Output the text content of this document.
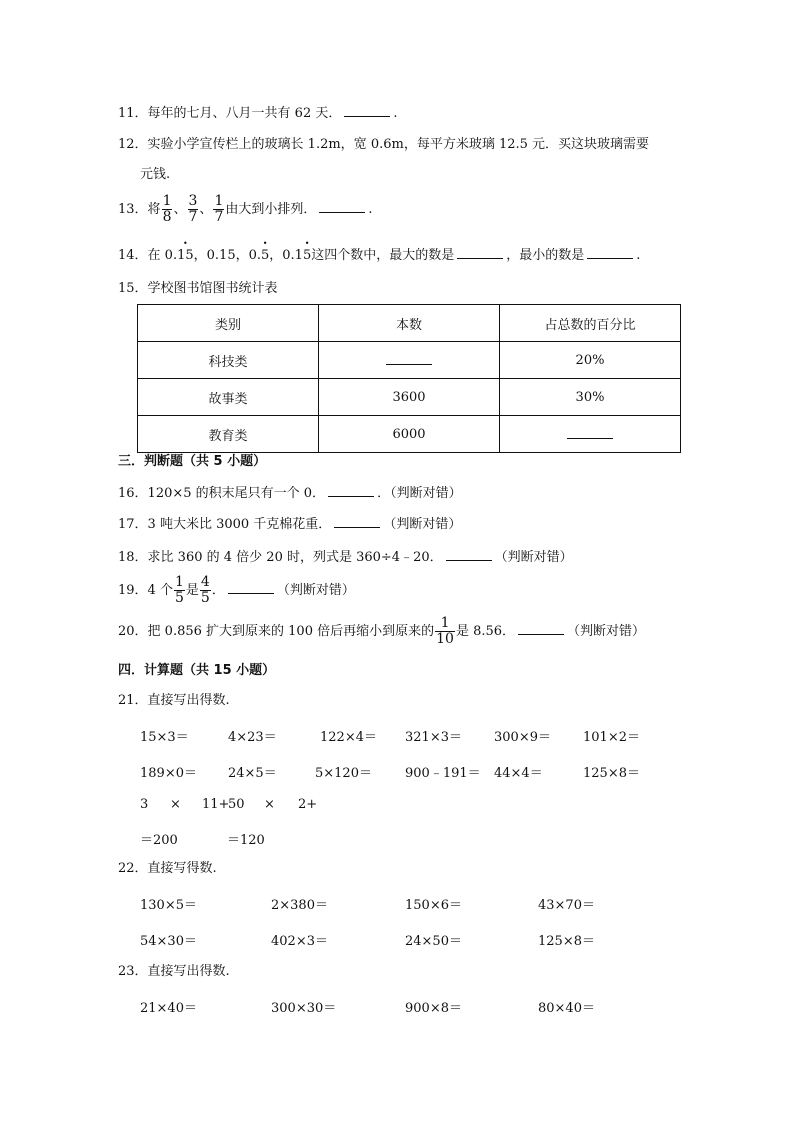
11．每年的七月、八月一共有 62 天．	.
12．实验小学宣传栏上的玻璃长 1.2m，宽 0.6m，每平方米玻璃 12.5 元．买这块玻璃需要
元钱.
13．将 $\frac{1}{8}$ 、 $\frac{3}{7}$ 、 $\frac{1}{7}$ 由大到小排列．	.
14．在 0.• 15，0.15，0.• 5，0.1• 5这四个数中，最大的数是	，最小的数是	.
15．学校图书馆图书统计表
类别	本数	占总数的百分比
科技类		20%
故事类	3600	30%
教育类	6000	
三．判断题（共 5 小题）
16．120×5 的积末尾只有一个 0．	．（判断对错）
17．3 吨大米比 3000 千克棉花重．	（判断对错）
18．求比 360 的 4 倍少 20 时，列式是 360÷4﹣20．	（判断对错）
19．4 个 $\frac{1}{5}$ 是 $\frac{4}{5}$ ．	（判断对错）
20．把 0.856 扩大到原来的 100 倍后再缩小到原来的 $\frac{1}{10}$ 是 8.56．	（判断对错）
四．计算题（共 15 小题）
21．直接写出得数.
15×3＝	4×23＝	122×4＝ 321×3＝ 300×9＝ 101×2＝
189×0＝ 24×5＝	5×120＝	900﹣191＝ 44×4＝	125×8＝
3 × 11+
50 × 2+
＝200	＝120
22．直接写得数.
130×5＝	2×380＝	150×6＝	43×70＝
54×30＝	402×3＝	24×50＝	125×8＝
23．直接写出得数.
21×40＝	300×30＝	900×8＝	80×40＝
